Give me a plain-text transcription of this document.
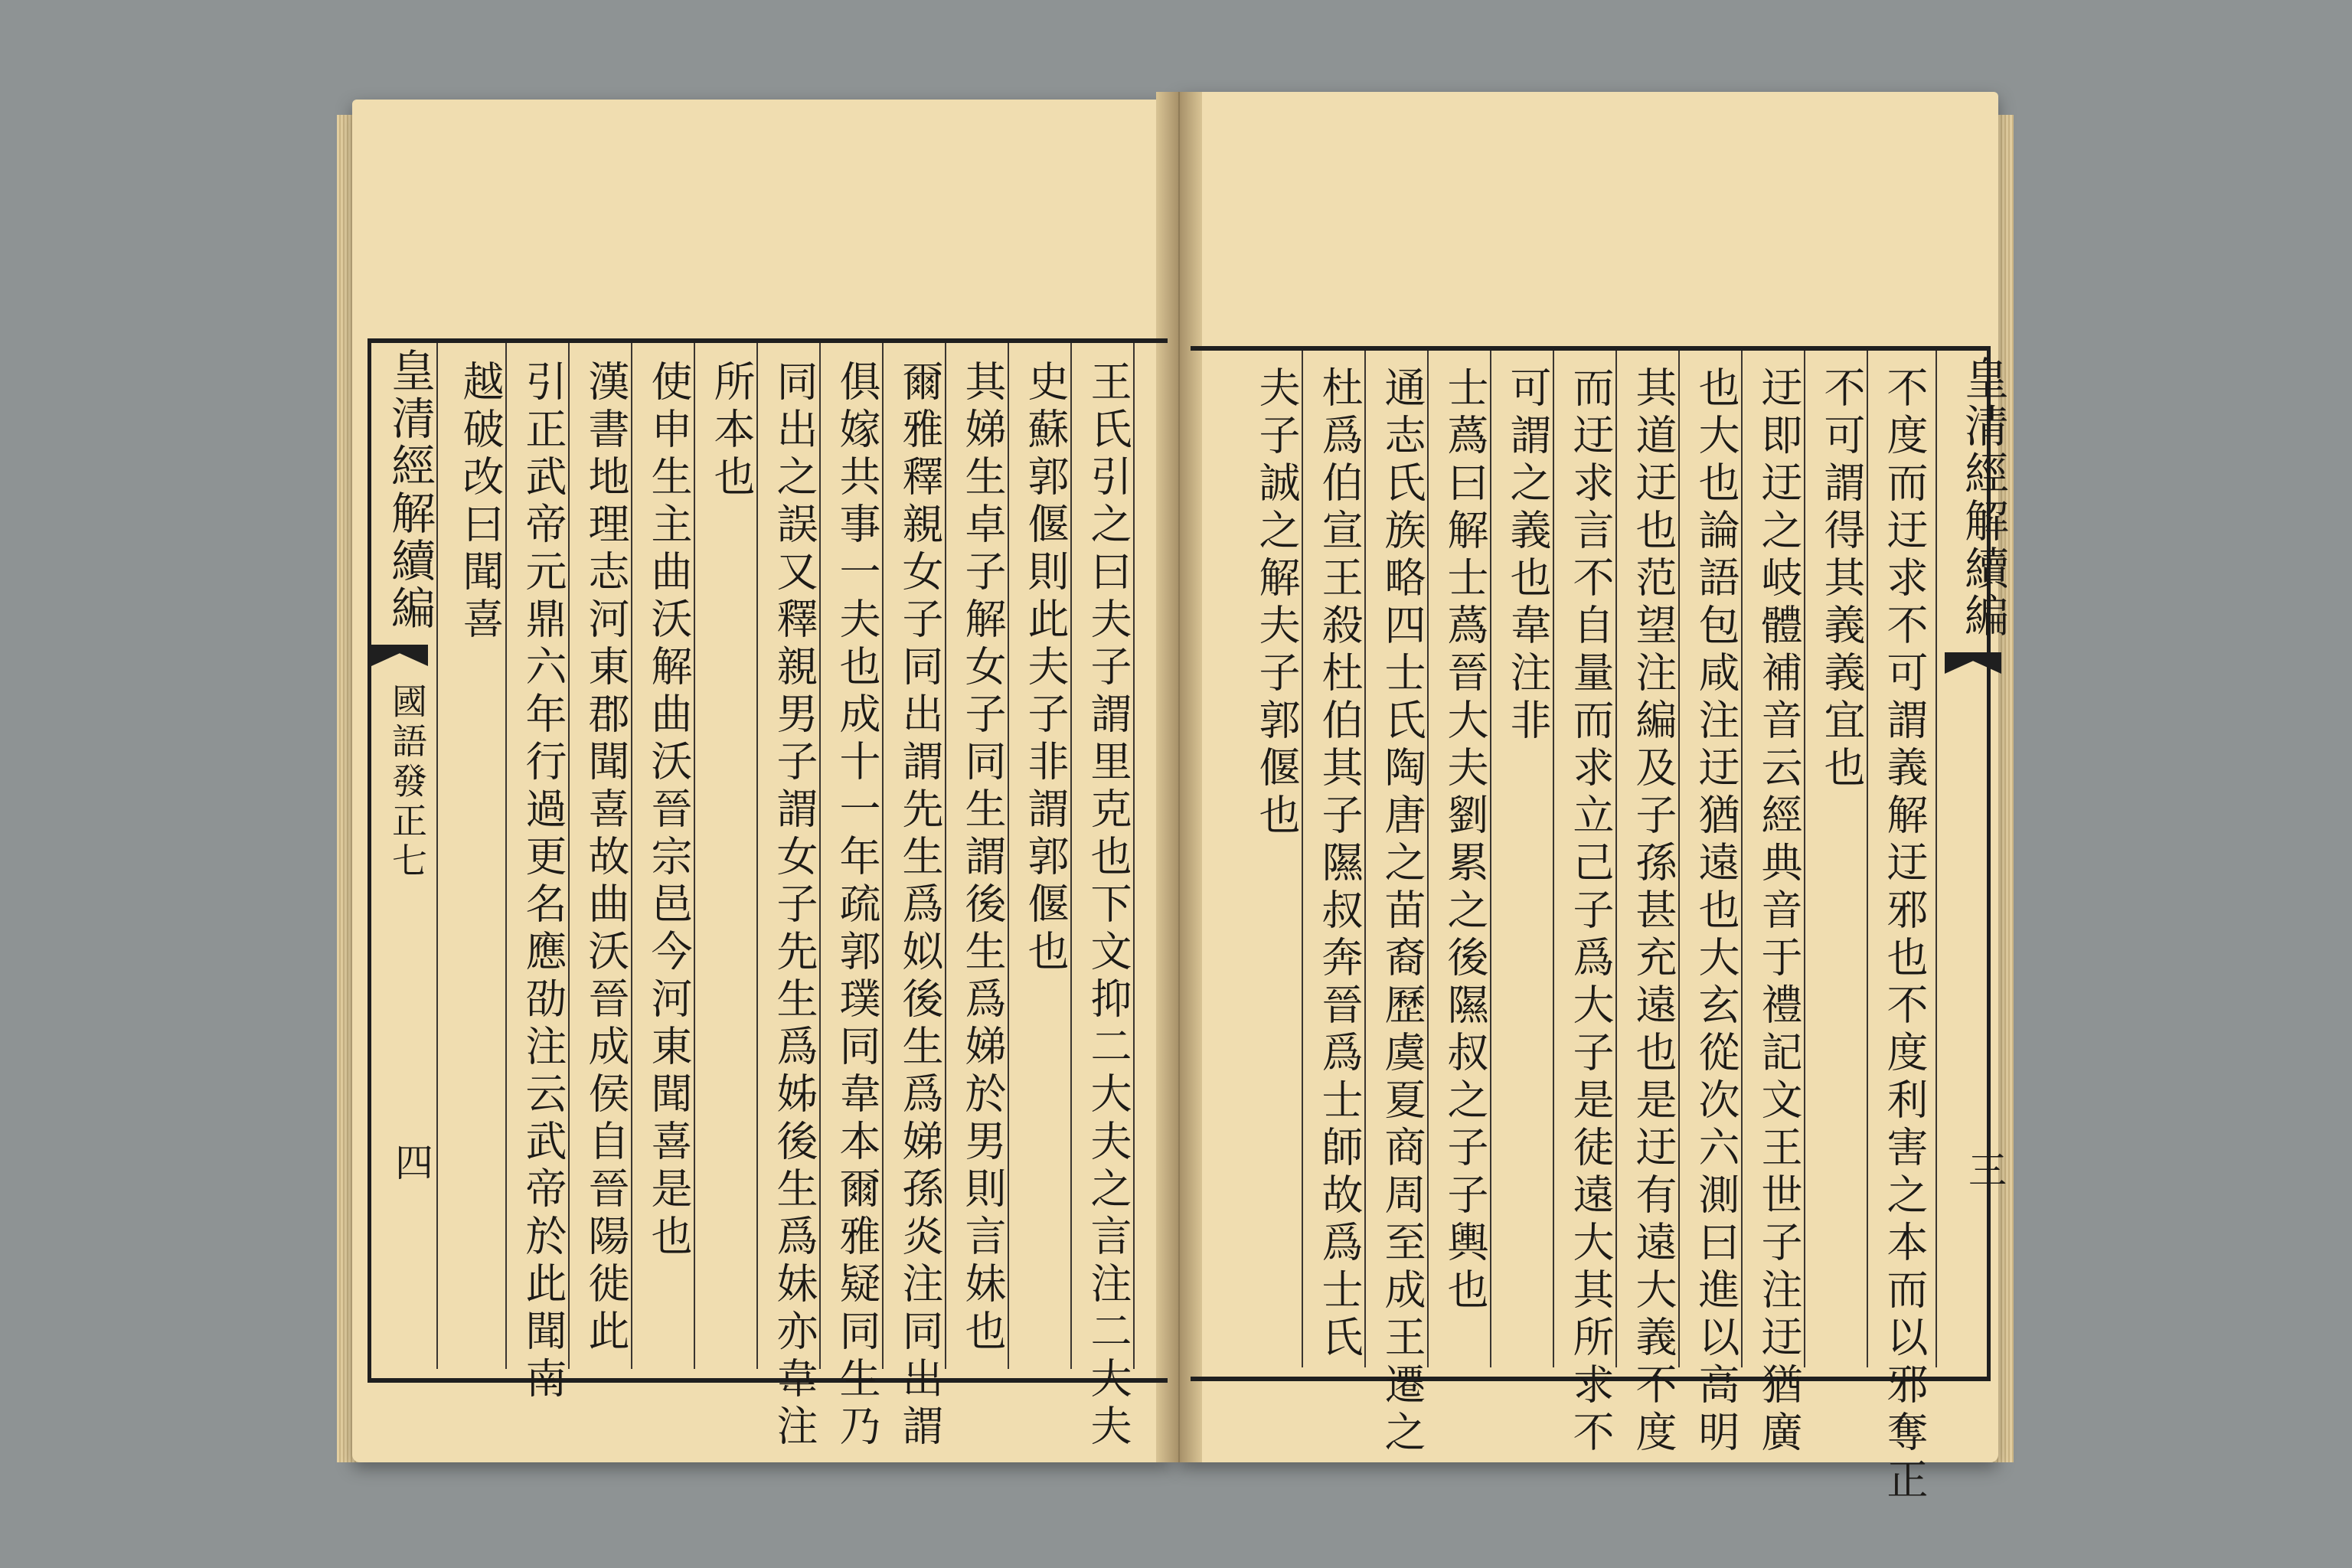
皇清經解續編
國語發正七
四
皇清經解續編
三
王氏引之曰夫子謂里克也下文抑二大夫之言注二大夫
史蘇郭偃則此夫子非謂郭偃也
其娣生卓子解女子同生謂後生爲娣於男則言妹也
爾雅釋親女子同出謂先生爲姒後生爲娣孫炎注同出謂
俱嫁共事一夫也成十一年疏郭璞同韋本爾雅疑同生乃
同出之誤又釋親男子謂女子先生爲姊後生爲妹亦韋注
所本也
使申生主曲沃解曲沃晉宗邑今河東聞喜是也
漢書地理志河東郡聞喜故曲沃晉成侯自晉陽徙此
引正武帝元鼎六年行過更名應劭注云武帝於此聞南
越破改曰聞喜	不度而迂求不可謂義解迂邪也不度利害之本而以邪奪正
不可謂得其義義宜也
迂即迂之岐體補音云經典音于禮記文王世子注迂猶廣
也大也論語包咸注迂猶遠也大玄從次六測曰進以高明
其道迂也范望注編及子孫甚充遠也是迂有遠大義不度
而迂求言不自量而求立己子爲大子是徒遠大其所求不
可謂之義也韋注非
士蔿曰解士蔿晉大夫劉累之後隰叔之子子輿也
通志氏族略四士氏陶唐之苗裔歷虞夏商周至成王遷之
杜爲伯宣王殺杜伯其子隰叔奔晉爲士師故爲士氏
夫子誠之解夫子郭偃也
